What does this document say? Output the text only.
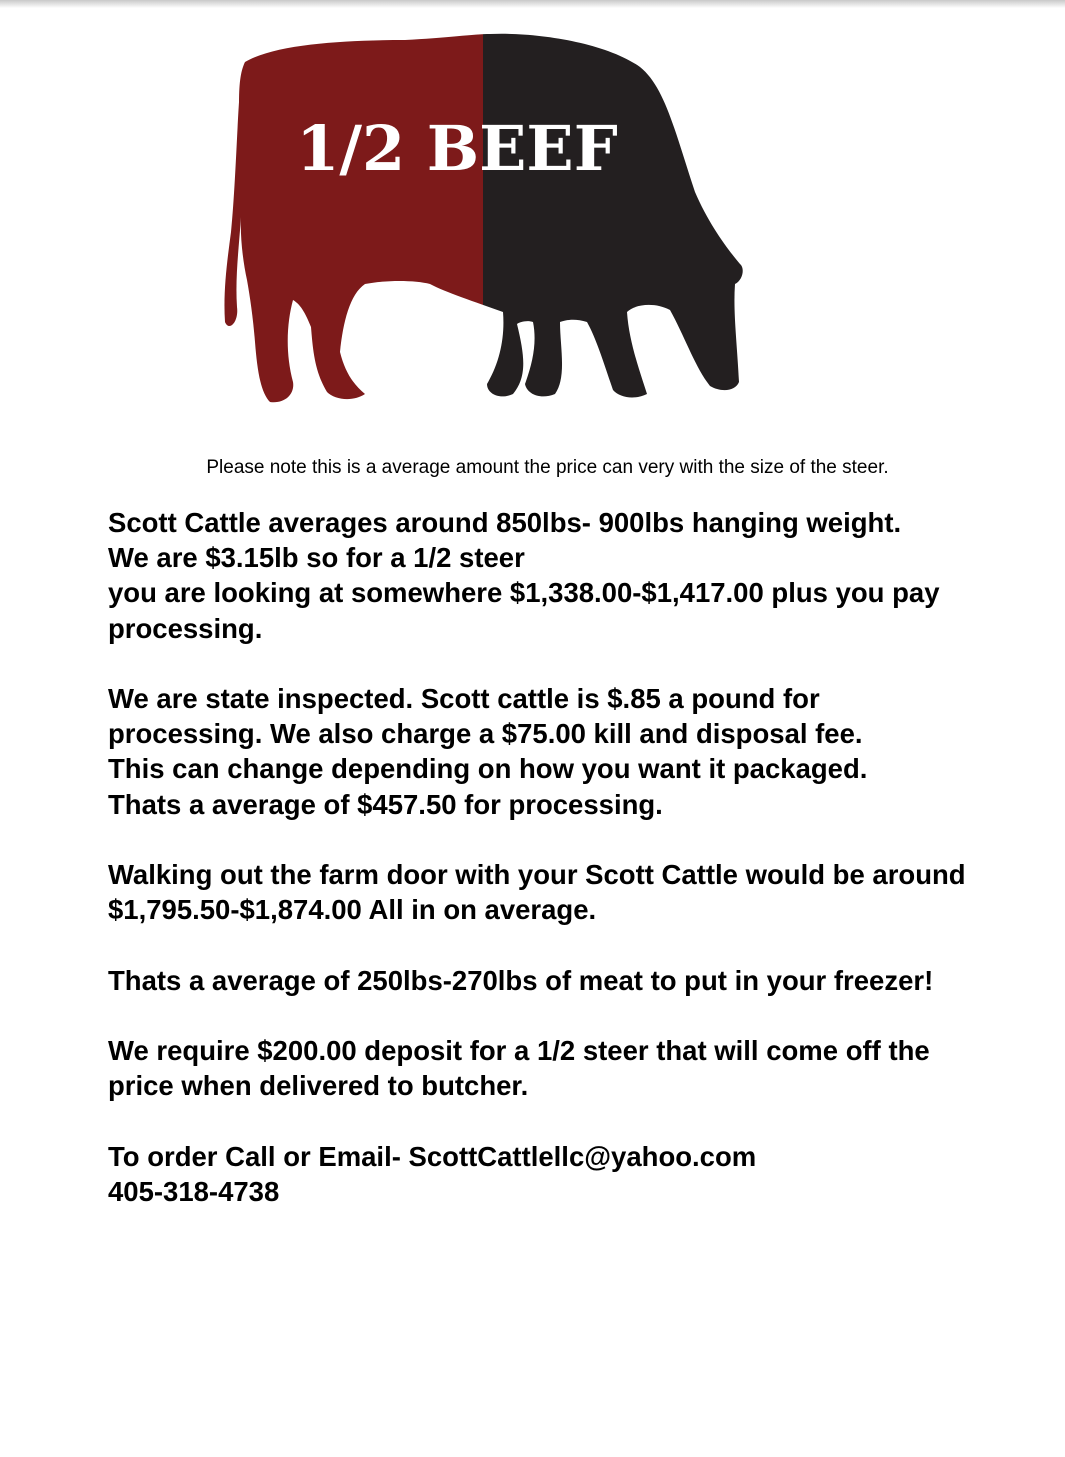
1/2 BEEF
Please note this is a average amount the price can very with the size of the steer.
Scott Cattle averages around 850lbs- 900lbs hanging weight.
We are $3.15lb so for a 1/2 steer
you are looking at somewhere $1,338.00-$1,417.00 plus you pay
processing.
We are state inspected. Scott cattle is $.85 a pound for
processing. We also charge a $75.00 kill and disposal fee.
This can change depending on how you want it packaged.
Thats a average of $457.50 for processing.
Walking out the farm door with your Scott Cattle would be around
$1,795.50-$1,874.00 All in on average.
Thats a average of 250lbs-270lbs of meat to put in your freezer!
We require $200.00 deposit for a 1/2 steer that will come off the
price when delivered to butcher.
To order Call or Email- ScottCattlellc@yahoo.com
405-318-4738
